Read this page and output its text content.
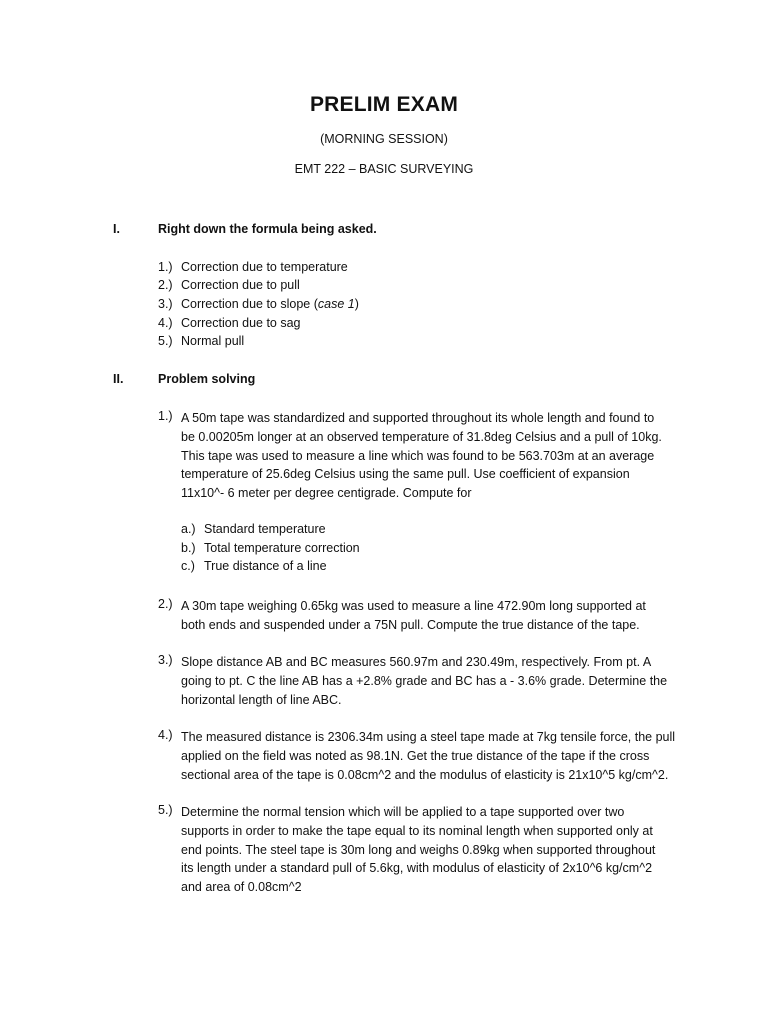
PRELIM EXAM
(MORNING SESSION)
EMT 222 – BASIC SURVEYING
I.	Right down the formula being asked.
1.) Correction due to temperature
2.) Correction due to pull
3.) Correction due to slope (case 1)
4.) Correction due to sag
5.) Normal pull
II.	Problem solving
1.) A 50m tape was standardized and supported throughout its whole length and found to
be 0.00205m longer at an observed temperature of 31.8deg Celsius and a pull of 10kg.
This tape was used to measure a line which was found to be 563.703m at an average
temperature of 25.6deg Celsius using the same pull. Use coefficient of expansion
11x10^- 6 meter per degree centigrade. Compute for
a.) Standard temperature
b.) Total temperature correction
c.) True distance of a line
2.) A 30m tape weighing 0.65kg was used to measure a line 472.90m long supported at
both ends and suspended under a 75N pull. Compute the true distance of the tape.
3.) Slope distance AB and BC measures 560.97m and 230.49m, respectively. From pt. A
going to pt. C the line AB has a +2.8% grade and BC has a - 3.6% grade. Determine the
horizontal length of line ABC.
4.) The measured distance is 2306.34m using a steel tape made at 7kg tensile force, the pull
applied on the field was noted as 98.1N. Get the true distance of the tape if the cross
sectional area of the tape is 0.08cm^2 and the modulus of elasticity is 21x10^5 kg/cm^2.
5.) Determine the normal tension which will be applied to a tape supported over two
supports in order to make the tape equal to its nominal length when supported only at
end points. The steel tape is 30m long and weighs 0.89kg when supported throughout
its length under a standard pull of 5.6kg, with modulus of elasticity of 2x10^6 kg/cm^2
and area of 0.08cm^2
